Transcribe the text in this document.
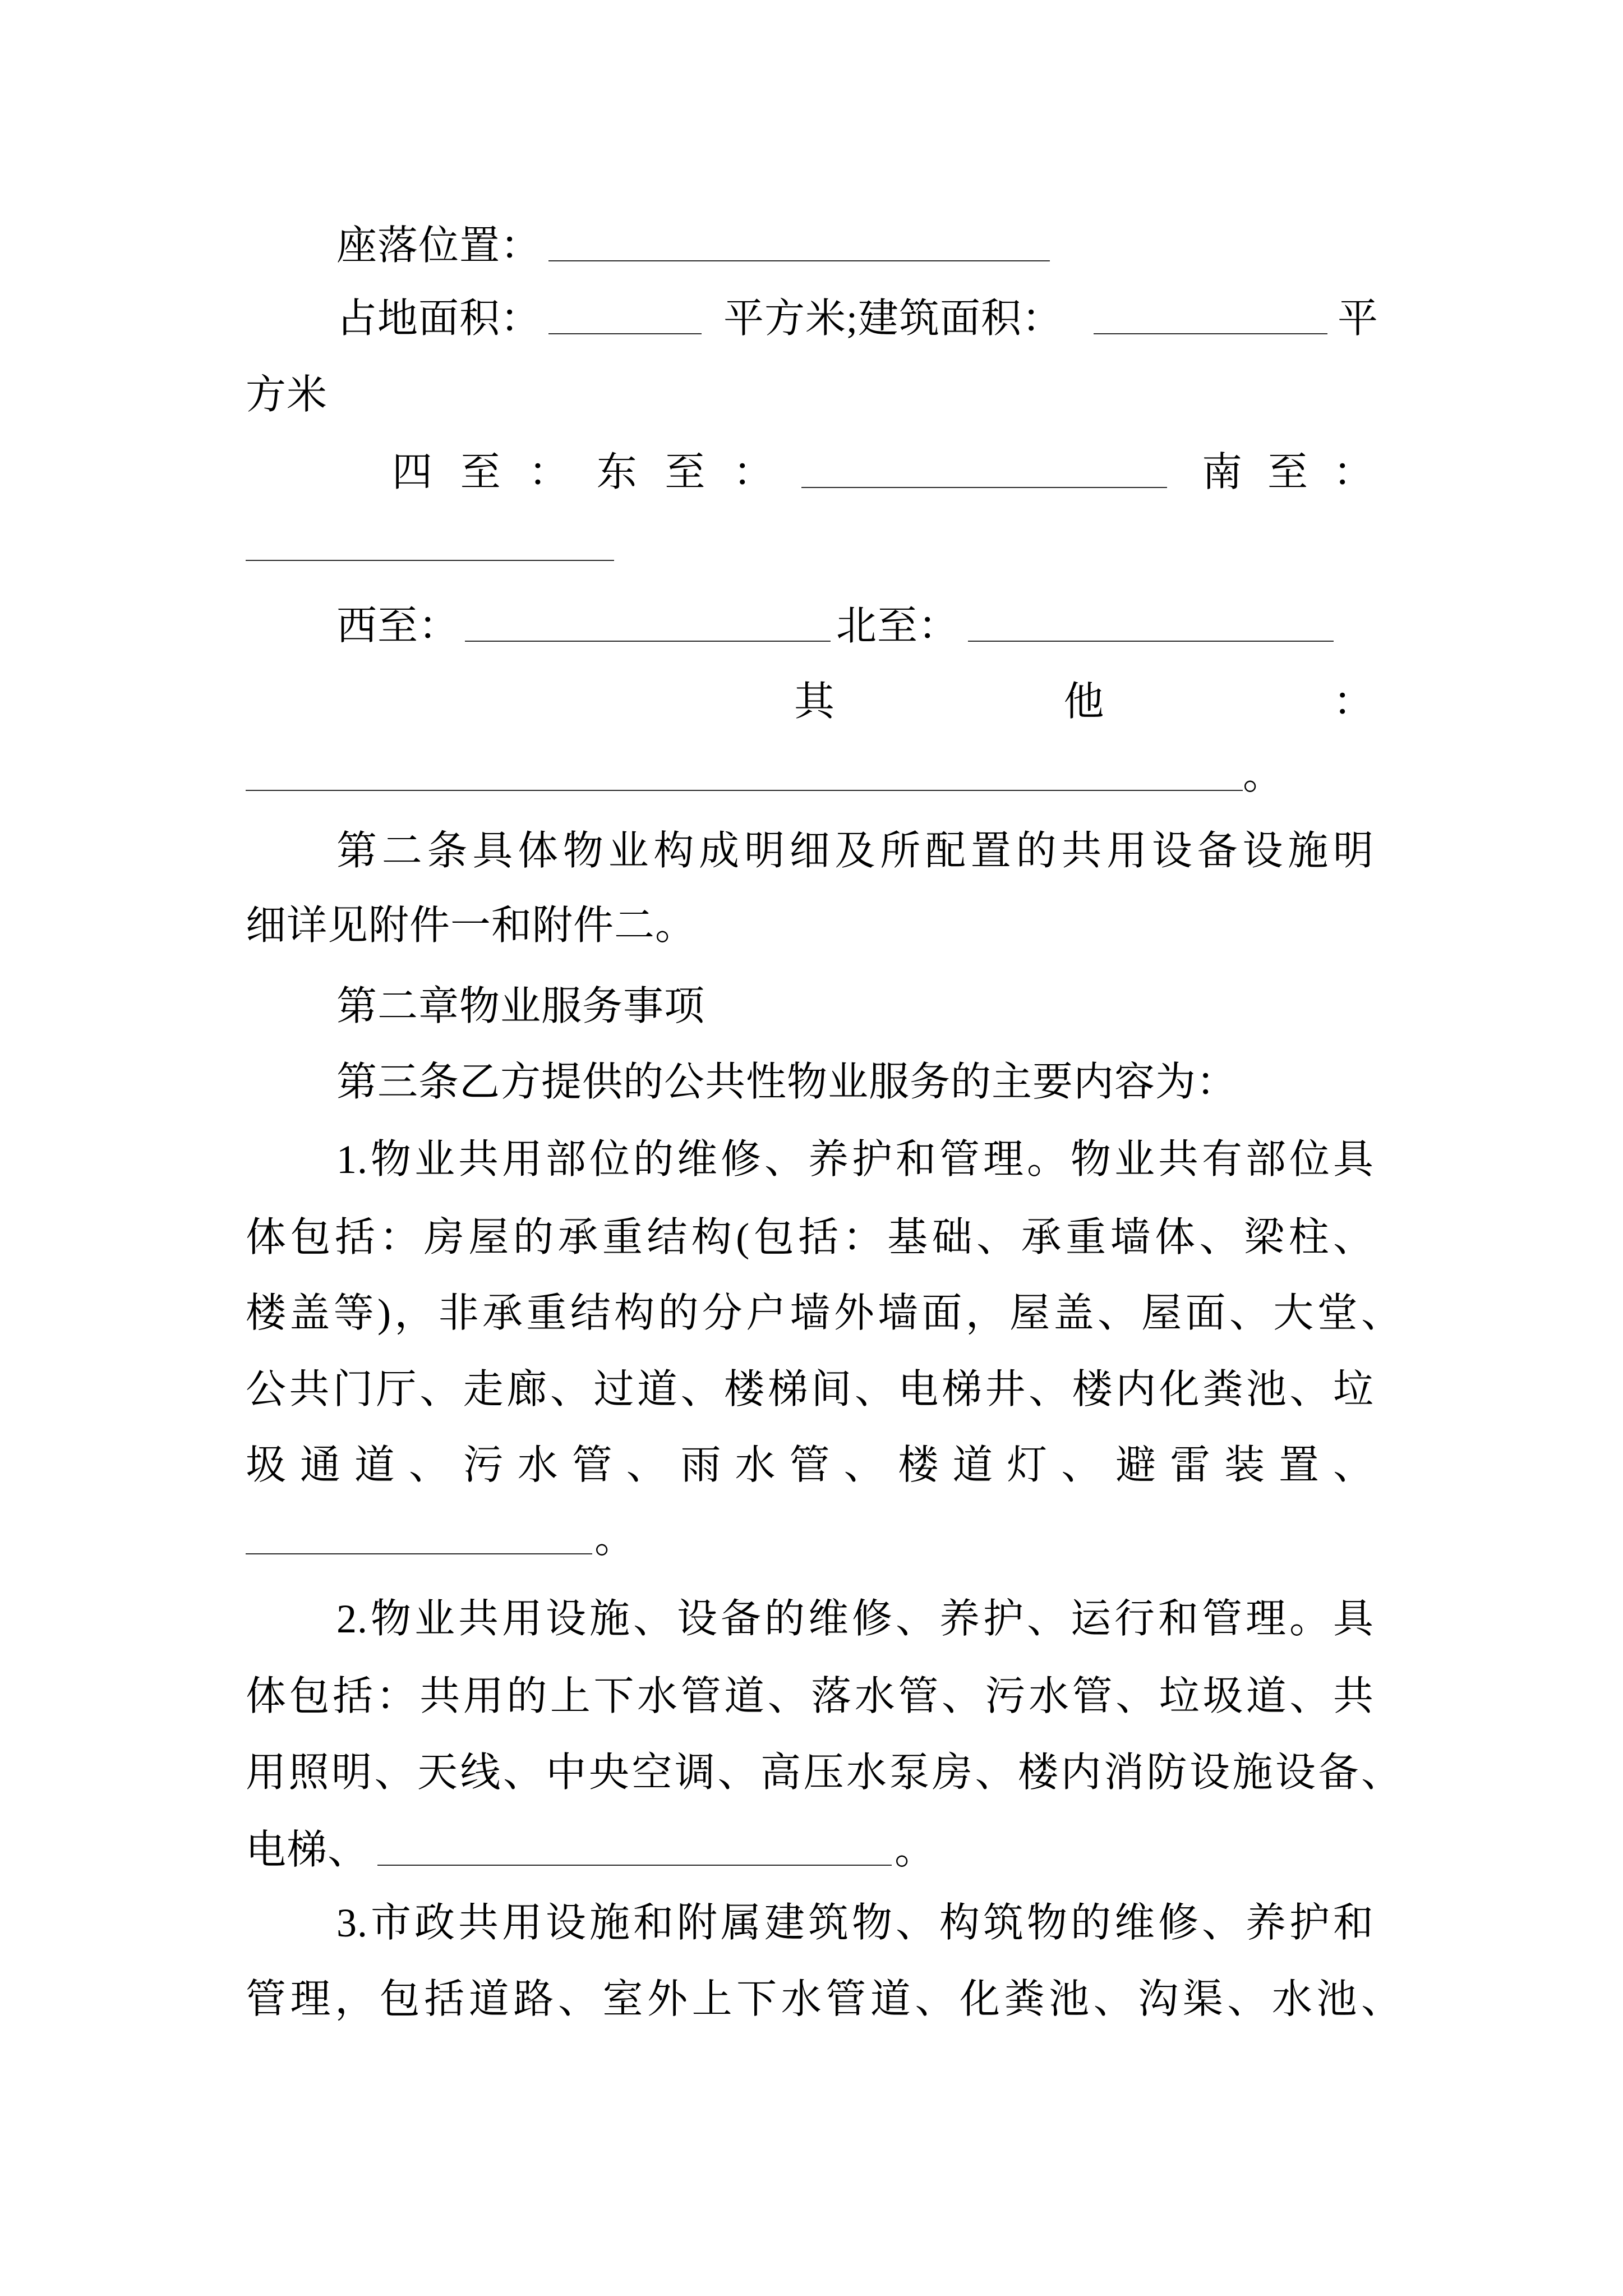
座落位置：
占地面积：	平方米;建筑面积：	平
方米
四至：东至：	南至：
西至：	北至：
其他：
。
第二条具体物业构成明细及所配置的共用设备设施明
细详见附件一和附件二。
第二章物业服务事项
第三条乙方提供的公共性物业服务的主要内容为：
1.物业共用部位的维修、养护和管理。物业共有部位具
体包括：房屋的承重结构(包括：基础、承重墙体、梁柱、
楼盖等)，非承重结构的分户墙外墙面，屋盖、屋面、大堂、
公共门厅、走廊、过道、楼梯间、电梯井、楼内化粪池、垃
圾通道、污水管、雨水管、楼道灯、避雷装置、
。
2.物业共用设施、设备的维修、养护、运行和管理。具
体包括：共用的上下水管道、落水管、污水管、垃圾道、共
用照明、天线、中央空调、高压水泵房、楼内消防设施设备、
电梯、	。
3.市政共用设施和附属建筑物、构筑物的维修、养护和
管理，包括道路、室外上下水管道、化粪池、沟渠、水池、
